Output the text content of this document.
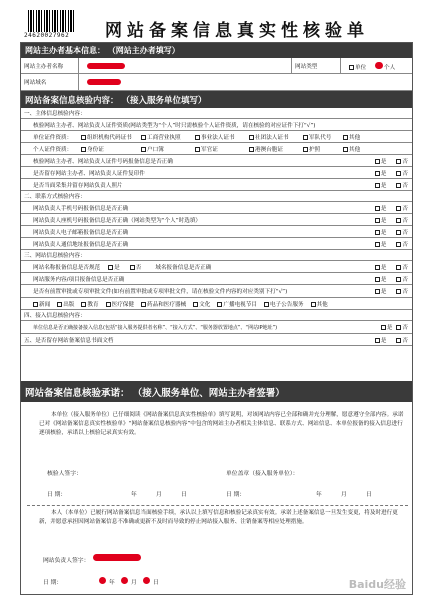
24620027962 网站备案信息真实性核验单
网站主办者基本信息： （网站主办者填写）
网站主办者名称	网站类型	单位	个人
网站域名
网站备案信息核验内容： （接入服务单位填写）
一、主体信息核验内容：
核验网站主办者、网站负责人证件资质(网站类型为“个人”时只需核验个人证件资质，请在核验的对应证件下打“√”)
单位证件资质：	组织机构代码证书	工商营业执照	事业法人证书	社团法人证书	军队代号	其他
个人证件资质：	身份证	户口簿	军官证	港澳台胞证	护照	其他
核验网站主办者、网站负责人证件号码报备信息是否正确	是	否
是否留存网站主办者、网站负责人证件复印件	是	否
是否当面采集并留存网站负责人照片	是	否
二、联系方式核验内容：
网站负责人手机号码报备信息是否正确	是	否
网站负责人座机号码报备信息是否正确（网站类型为“个人”时选填）	是	否
网站负责人电子邮箱报备信息是否正确	是	否
网站负责人通信地址报备信息是否正确	是	否
三、网站信息核验内容：
网站名称报备信息是否规范	是	否	域名报备信息是否正确	是	否
网站服务内容/项目报备信息是否正确	是	否
是否有前置审批或专项审批文件(如有前置审批或专项审批文件，请在核验文件内容的对应类别下打“√”)	是	否
新闻	出版	教育	医疗保健	药品和医疗器械	文化	广播电视节目	电子公告服务	其他
四、接入信息核验内容：
单位信息是否正确接备接入信息(包括“接入服务提供者名称”、“接入方式”、“服务器放置地点”、“网站IP地址”)	是	否
五、是否留存网站备案信息书面文档	是	否
网站备案信息核验承诺： （接入服务单位、网站主办者签署）
本单位（接入服务单位）已仔细阅读《网站备案信息真实性核验单》填写说明，对该网站内容已全部和确并充分理解，愿意遵守全部内容。承诺已对《网站备案信息真实性核验单》“网站备案信息核验内容”中包含的网站主办者相关主体信息、联系方式、网站信息、本单位报备的接入信息进行逐项核验，承诺以上核验记录真实有效。
核验人签字：	单位盖章（接入服务单位）：
日 期：	年	月	日	日 期：	年	月	日
本人（本单位）已履行网站备案信息当面核验手续，承认以上填写信息和核验记录真实有效。承诺上述备案信息一旦发生变更，将及时进行更新，并愿意承担因网站备案信息不准确或更新不及时而导致的停止网站接入服务、注销备案等相应处理措施。
网站负责人签字：
日 期：	年	月	日	Baidu经验
